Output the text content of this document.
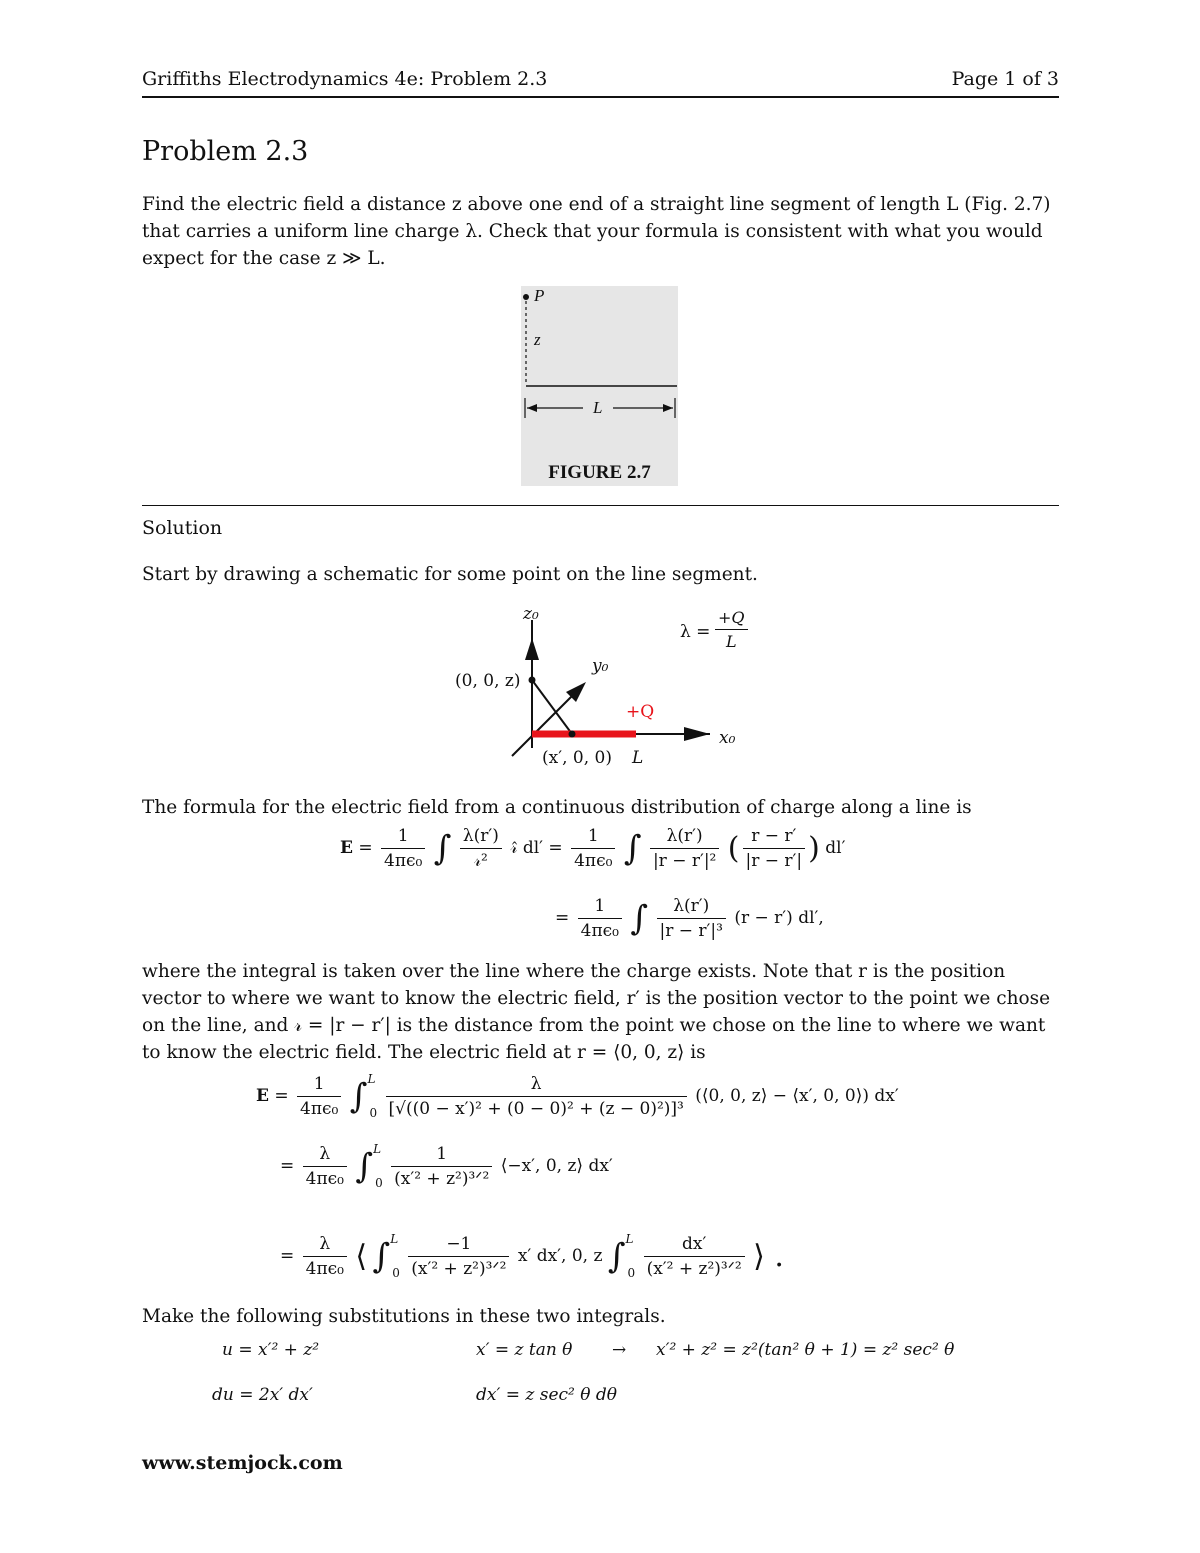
Griffiths Electrodynamics 4e: Problem 2.3	Page 1 of 3
Problem 2.3
Find the electric field a distance z above one end of a straight line segment of length L (Fig. 2.7)
that carries a uniform line charge λ. Check that your formula is consistent with what you would
expect for the case z ≫ L.
P
z
L
FIGURE 2.7
Solution
Start by drawing a schematic for some point on the line segment.
z₀
y₀
x₀
(0, 0, z)
(x′, 0, 0) L
+Q
$\lambda = \frac{+Q}{L}$
The formula for the electric field from a continuous distribution of charge along a line is
$E = \frac{1}{\text{4πϵ₀}}$ ∫ $\frac{\lambda(r')}{\text{𝓇²}}$ 𝓇̂ $dl' = \frac{1}{\text{4πϵ₀}}$ ∫ $\frac{\lambda(r')}{\text{|r − r′|²}}$ ( $\frac{r - r'}{|r - r'|}$ ) dl′
= $\frac{1}{\text{4πϵ₀}}$ ∫ $\frac{\lambda(r')}{\text{|r − r′|³}} (r - r')$ dl′,
where the integral is taken over the line where the charge exists. Note that r is the position
vector to where we want to know the electric field, r′ is the position vector to the point we chose
on the line, and 𝓇 = |r − r′| is the distance from the point we chose on the line to where we want
to know the electric field. The electric field at r = ⟨0, 0, z⟩ is
$E = \frac{1}{\text{4πϵ₀}} \int^L_0 \frac{\lambda}{\text{[√((0 − x′)² + (0 − 0)² + (z − 0)²)]³}}$ (⟨0, 0, z⟩ − ⟨x′, 0, 0⟩) dx′
= $\frac{\lambda}{\text{4πϵ₀}} \int^L_0 \frac{1}{\text{(x′² + z²)³ᐟ²}}$ ⟨−x′, 0, z⟩ dx′
= $\frac{\lambda}{\text{4πϵ₀}}$ ⟨ $\int^L_0 \frac{-1}{\text{(x′² + z²)³ᐟ²}} x'$ dx′, 0, z $\int^L_0 \frac{dx'}{\text{(x′² + z²)³ᐟ²}}$ ⟩ .
Make the following substitutions in these two integrals.
u = x′² + z²	x′ = z tan θ → x′² + z² = z²(tan² θ + 1) = z² sec² θ
du = 2x′ dx′	dx′ = z sec² θ dθ
www.stemjock.com
